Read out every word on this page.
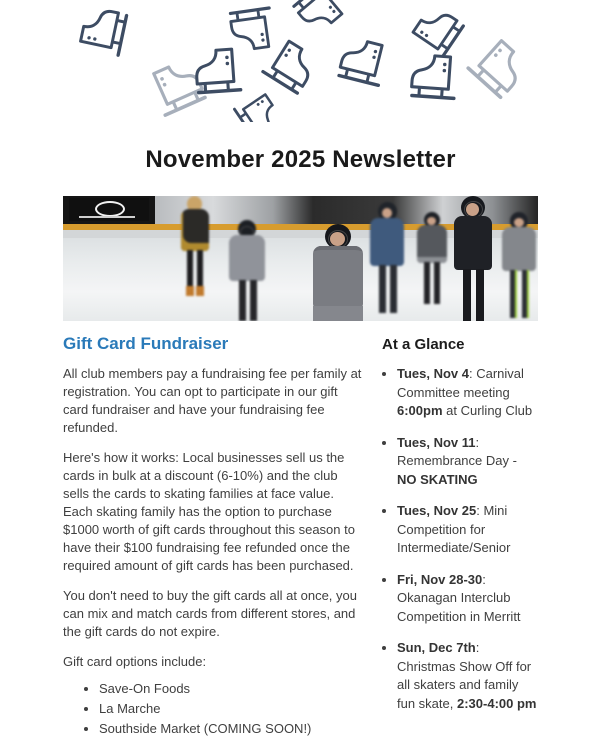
November 2025 Newsletter
Gift Card Fundraiser

All club members pay a fundraising fee per family at registration. You can opt to participate in our gift card fundraiser and have your fundraising fee refunded.

Here's how it works: Local businesses sell us the cards in bulk at a discount (6-10%) and the club sells the cards to skating families at face value. Each skating family has the option to purchase $1000 worth of gift cards throughout this season to have their $100 fundraising fee refunded once the required amount of gift cards has been purchased.

You don't need to buy the gift cards all at once, you can mix and match cards from different stores, and the gift cards do not expire.

Gift card options include:

• Save-On Foods
• La Marche
• Southside Market (COMING SOON!)
At a Glance
• Tues, Nov 4: Carnival Committee meeting 6:00pm at Curling Club
• Tues, Nov 11: Remembrance Day - NO SKATING
• Tues, Nov 25: Mini Competition for Intermediate/Senior
• Fri, Nov 28-30: Okanagan Interclub Competition in Merritt
• Sun, Dec 7th: Christmas Show Off for all skaters and family fun skate, 2:30-4:00 pm
